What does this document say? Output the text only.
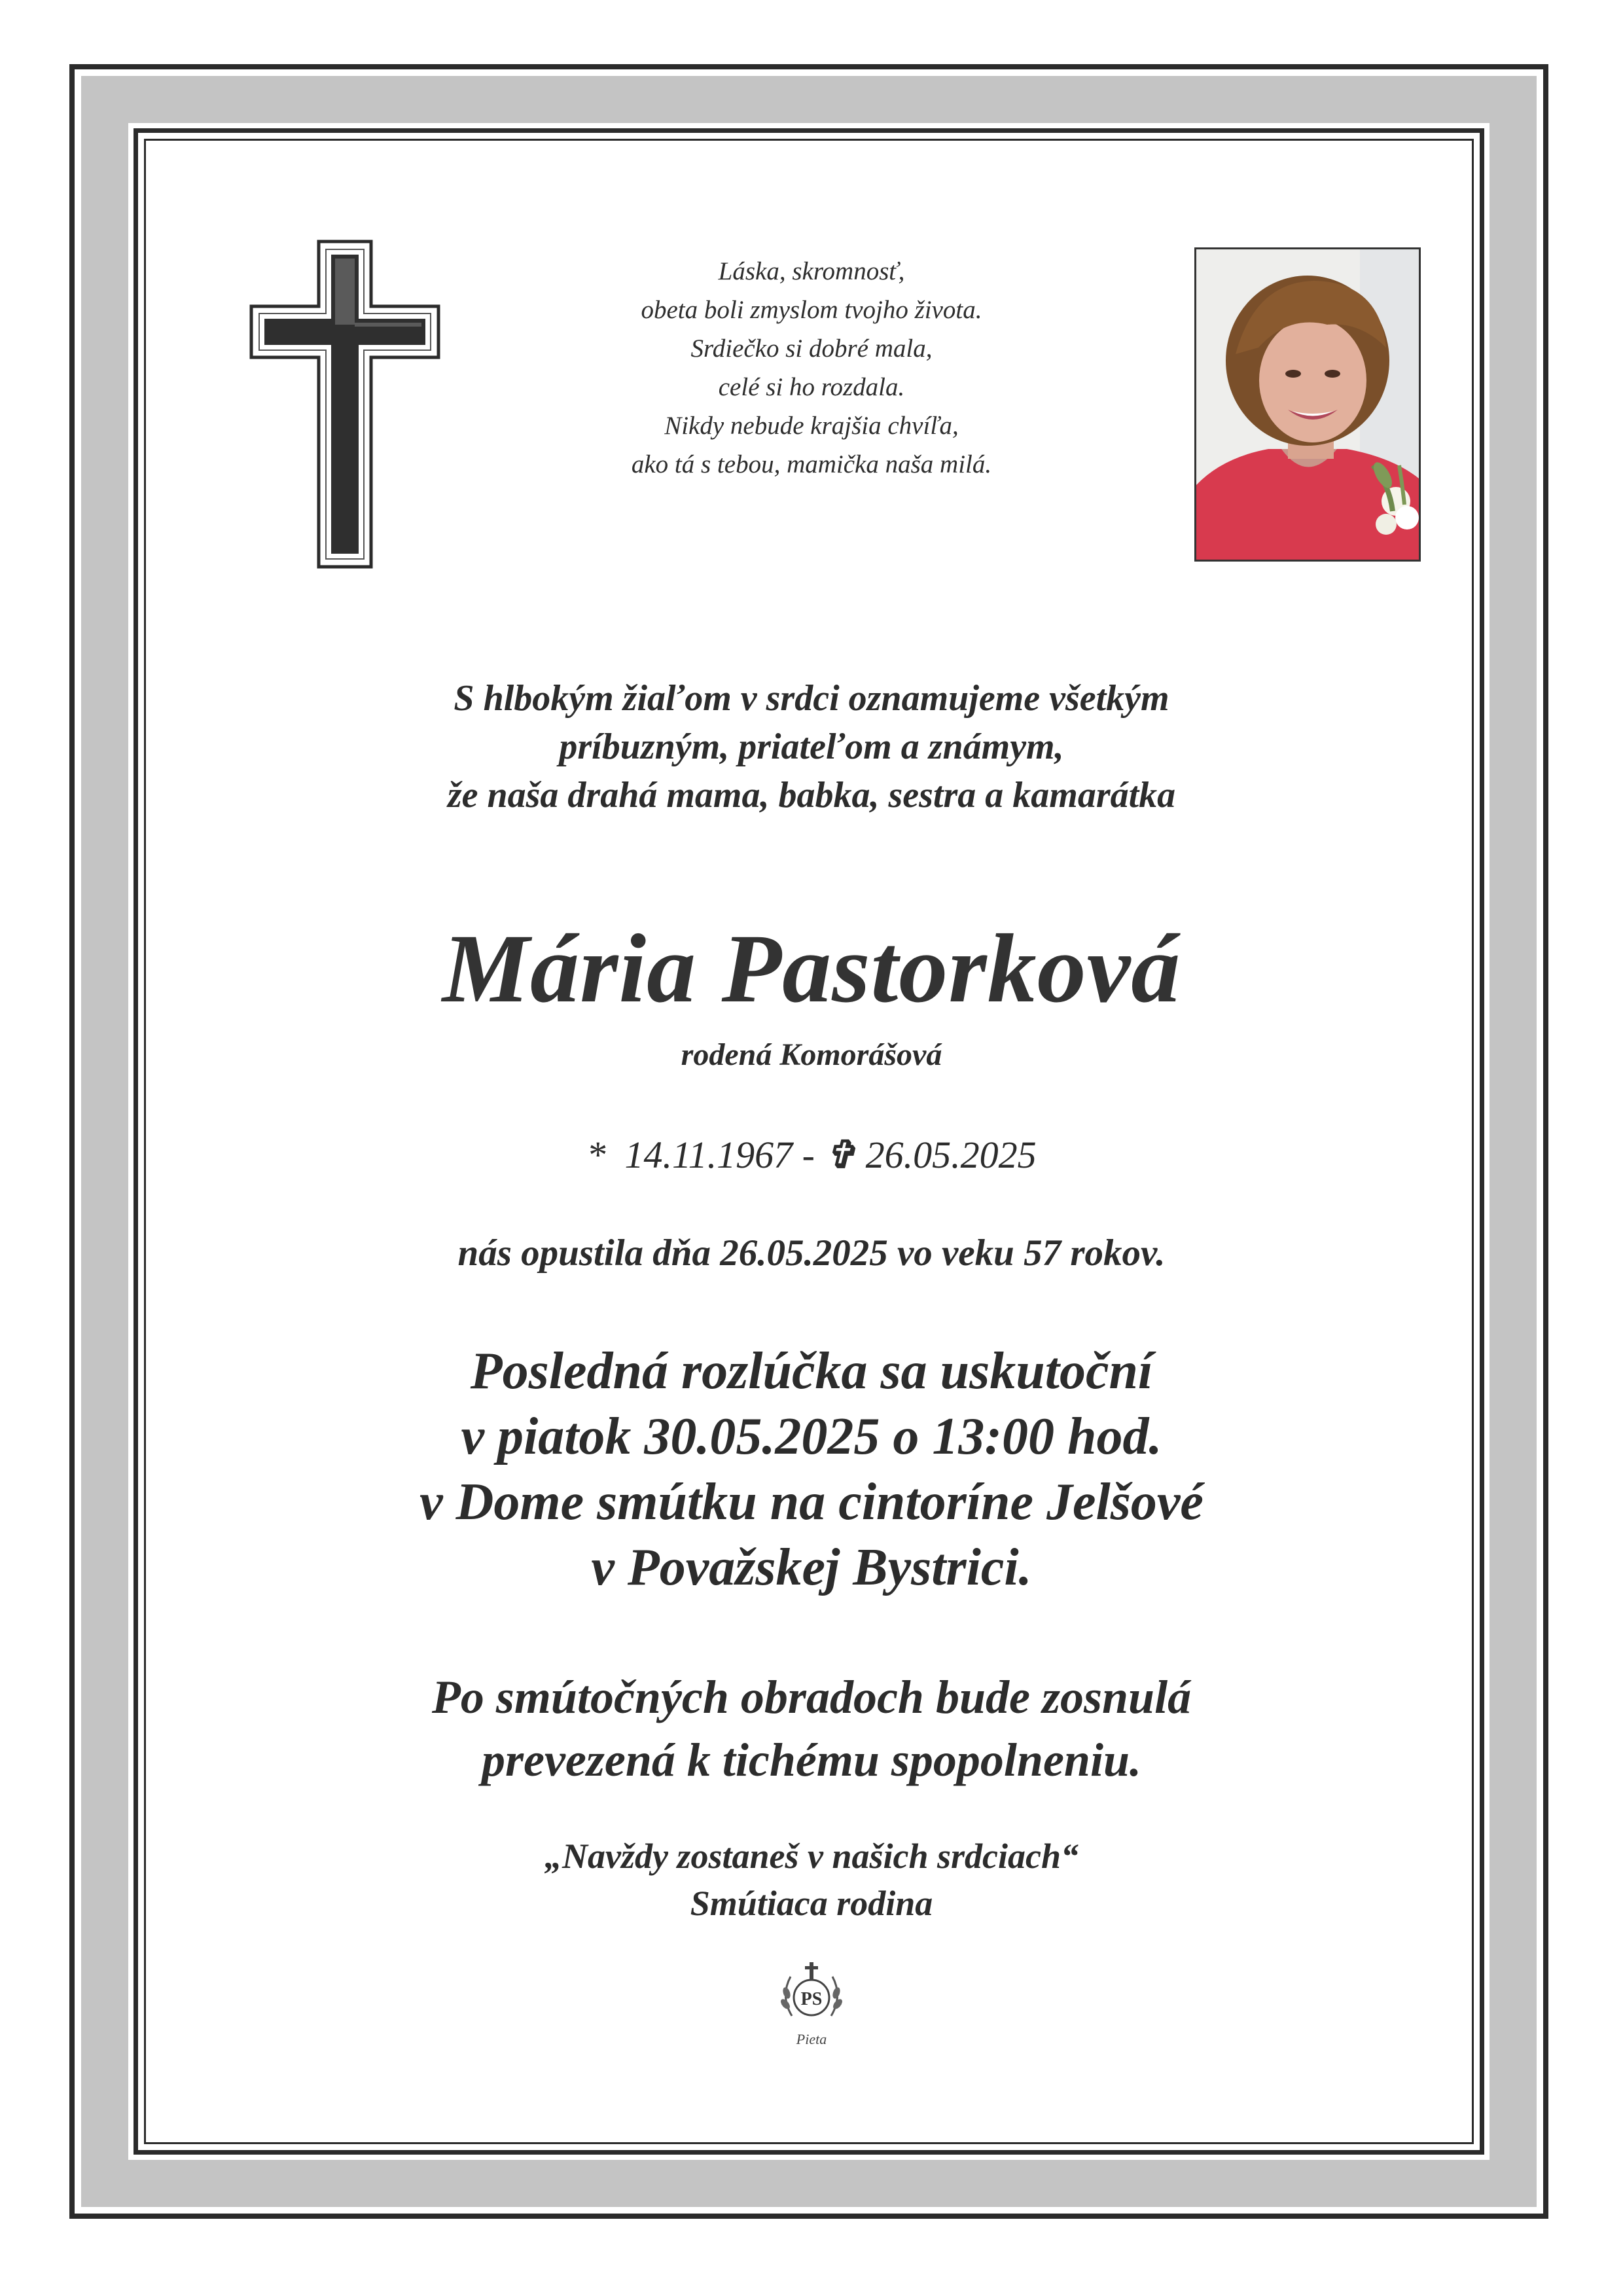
Láska, skromnosť,
obeta boli zmyslom tvojho života.
Srdiečko si dobré mala,
celé si ho rozdala.
Nikdy nebude krajšia chvíľa,
ako tá s tebou, mamička naša milá.
S hlbokým žiaľom v srdci oznamujeme všetkým
príbuzným, priateľom a známym,
že naša drahá mama, babka, sestra a kamarátka
Mária Pastorková
rodená Komorášová
* 14.11.1967 - ✞ 26.05.2025
nás opustila dňa 26.05.2025 vo veku 57 rokov.
Posledná rozlúčka sa uskutoční
v piatok 30.05.2025 o 13:00 hod.
v Dome smútku na cintoríne Jelšové
v Považskej Bystrici.
Po smútočných obradoch bude zosnulá
prevezená k tichému spopolneniu.
„Navždy zostaneš v našich srdciach“
Smútiaca rodina
PS
Pieta
